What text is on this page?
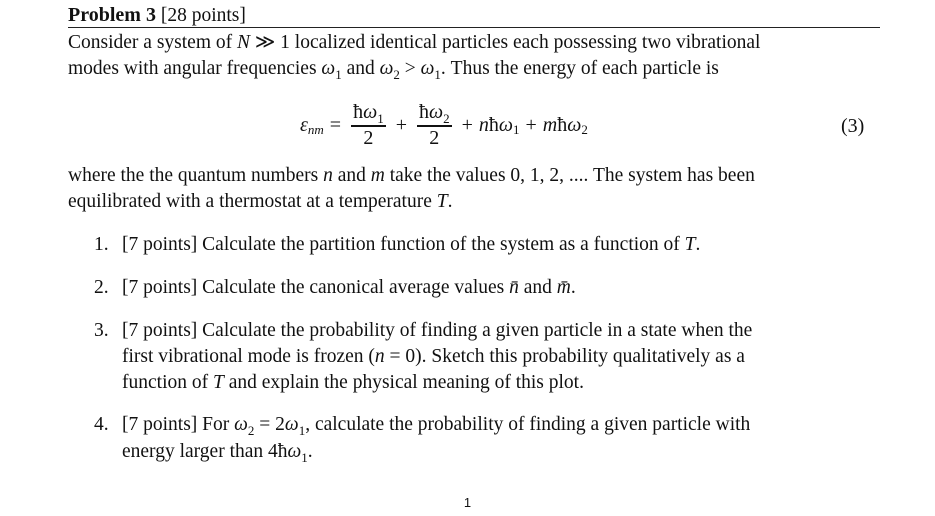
Problem 3 [28 points]

Consider a system of N ≫ 1 localized identical particles each possessing two vibrational

modes with angular frequencies $\omega_1$ and $\omega_2 > \omega_1$. Thus the energy of each particle is

ε nm = $\frac{ħ\omega_1}{2} + \frac{ħ\omega_2}{2} + n$ ħ ω 1 + m ħ ω 2	(3)

where the the quantum numbers n and m take the values 0, 1, 2, .... The system has been

equilibrated with a thermostat at a temperature T.

1. [7 points] Calculate the partition function of the system as a function of T.
2. [7 points] Calculate the canonical average values n̄ and m̄.
3. [7 points] Calculate the probability of finding a given particle in a state when the

first vibrational mode is frozen (n = 0). Sketch this probability qualitatively as a

function of T and explain the physical meaning of this plot.

4. [7 points] For $\omega_2 = 2\omega_1$, calculate the probability of finding a given particle with

energy larger than $4ħ\omega_1$.

1
